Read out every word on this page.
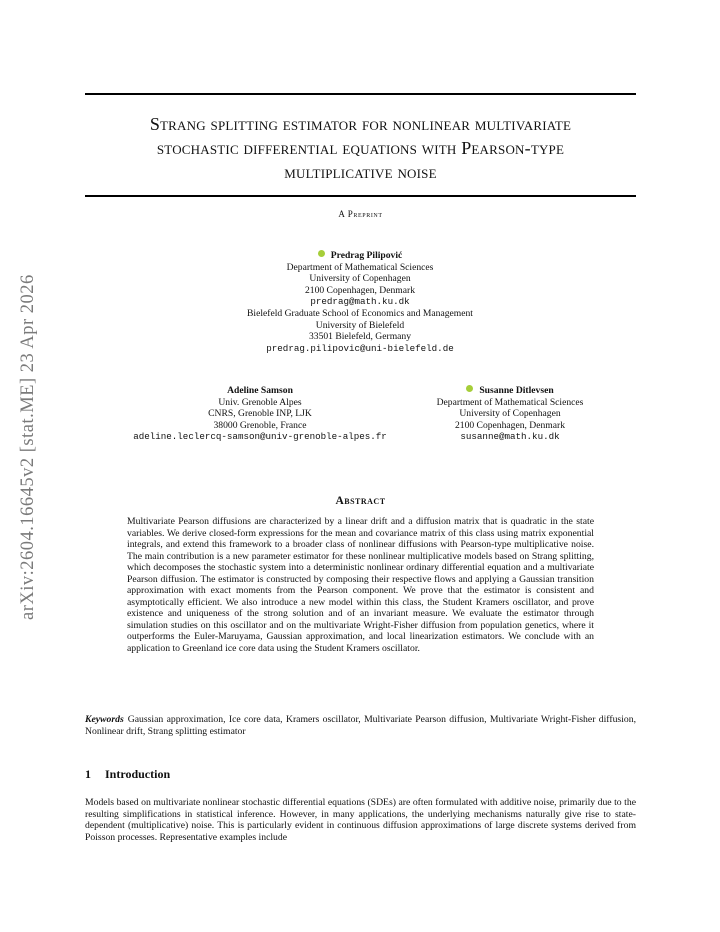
arXiv:2604.16645v2 [stat.ME] 23 Apr 2026
Strang splitting estimator for nonlinear multivariate
stochastic differential equations with Pearson-type
multiplicative noise
A Preprint
Predrag Pilipović
Department of Mathematical Sciences
University of Copenhagen
2100 Copenhagen, Denmark
predrag@math.ku.dk
Bielefeld Graduate School of Economics and Management
University of Bielefeld
33501 Bielefeld, Germany
predrag.pilipovic@uni-bielefeld.de
Adeline Samson
Univ. Grenoble Alpes
CNRS, Grenoble INP, LJK
38000 Grenoble, France
adeline.leclercq-samson@univ-grenoble-alpes.fr
Susanne Ditlevsen
Department of Mathematical Sciences
University of Copenhagen
2100 Copenhagen, Denmark
susanne@math.ku.dk
Abstract
Multivariate Pearson diffusions are characterized by a linear drift and a diffusion matrix that is quadratic in the state variables. We derive closed-form expressions for the mean and covariance matrix of this class using matrix exponential integrals, and extend this framework to a broader class of nonlinear diffusions with Pearson-type multiplicative noise. The main contribution is a new parameter estimator for these nonlinear multiplicative models based on Strang splitting, which decomposes the stochastic system into a deterministic nonlinear ordinary differential equation and a multivariate Pearson diffusion. The estimator is constructed by composing their respective flows and applying a Gaussian transition approximation with exact moments from the Pearson component. We prove that the estimator is consistent and asymptotically efficient. We also introduce a new model within this class, the Student Kramers oscillator, and prove existence and uniqueness of the strong solution and of an invariant measure. We evaluate the estimator through simulation studies on this oscillator and on the multivariate Wright-Fisher diffusion from population genetics, where it outperforms the Euler-Maruyama, Gaussian approximation, and local linearization estimators. We conclude with an application to Greenland ice core data using the Student Kramers oscillator.
Keywords Gaussian approximation, Ice core data, Kramers oscillator, Multivariate Pearson diffusion, Multivariate Wright-Fisher diffusion, Nonlinear drift, Strang splitting estimator
1 Introduction
Models based on multivariate nonlinear stochastic differential equations (SDEs) are often formulated with additive noise, primarily due to the resulting simplifications in statistical inference. However, in many applications, the underlying mechanisms naturally give rise to state-dependent (multiplicative) noise. This is particularly evident in continuous diffusion approximations of large discrete systems derived from Poisson processes. Representative examples include
